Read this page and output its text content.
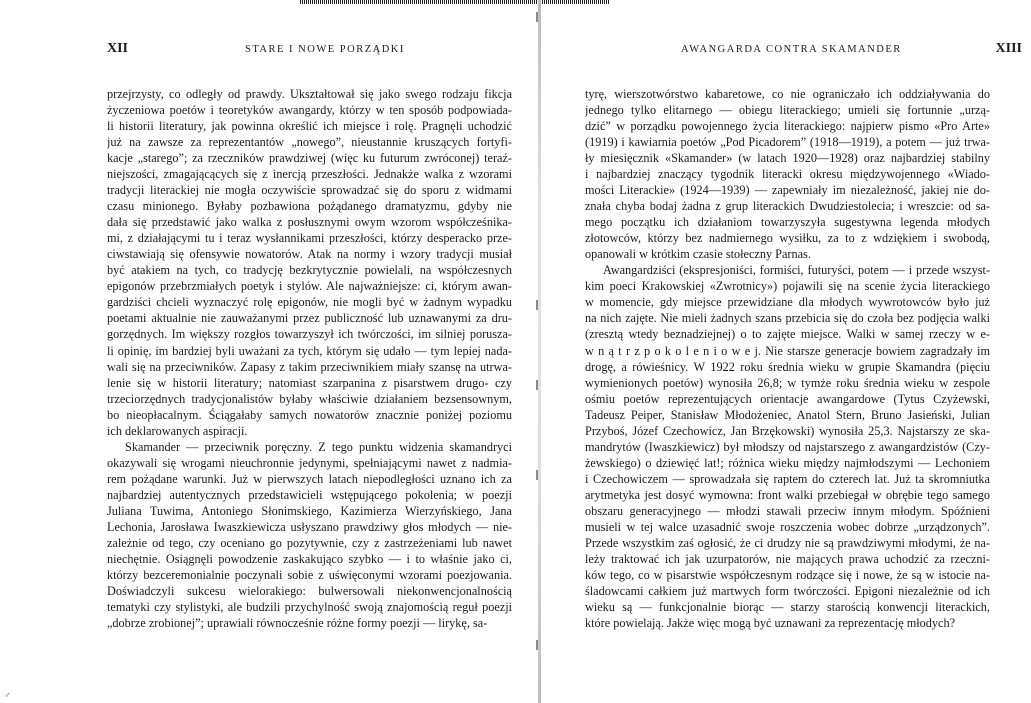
XII	STARE I NOWE PORZĄDKI
przejrzysty, co odległy od prawdy. Ukształtował się jako swego rodzaju fikcja
życzeniowa poetów i teoretyków awangardy, którzy w ten sposób podpowiada-
li historii literatury, jak powinna określić ich miejsce i rolę. Pragnęli uchodzić
już na zawsze za reprezentantów „nowego”, nieustannie kruszących fortyfi-
kacje „starego”; za rzeczników prawdziwej (więc ku futurum zwróconej) teraź-
niejszości, zmagającących się z inercją przeszłości. Jednakże walka z wzorami
tradycji literackiej nie mogła oczywiście sprowadzać się do sporu z widmami
czasu minionego. Byłaby pozbawiona pożądanego dramatyzmu, gdyby nie
dała się przedstawić jako walka z posłusznymi owym wzorom współcześnika-
mi, z działającymi tu i teraz wysłannikami przeszłości, którzy desperacko prze-
ciwstawiają się ofensywie nowatorów. Atak na normy i wzory tradycji musiał
być atakiem na tych, co tradycję bezkrytycznie powielali, na współczesnych
epigonów przebrzmiałych poetyk i stylów. Ale najważniejsze: ci, którym awan-
gardziści chcieli wyznaczyć rolę epigonów, nie mogli być w żadnym wypadku
poetami aktualnie nie zauważanymi przez publiczność lub uznawanymi za dru-
gorzędnych. Im większy rozgłos towarzyszył ich twórczości, im silniej porusza-
li opinię, im bardziej byli uważani za tych, którym się udało — tym lepiej nada-
wali się na przeciwników. Zapasy z takim przeciwnikiem miały szansę na utrwa-
lenie się w historii literatury; natomiast szarpanina z pisarstwem drugo- czy
trzeciorzędnych tradycjonalistów byłaby właściwie działaniem bezsensownym,
bo nieopłacalnym. Ściągałaby samych nowatorów znacznie poniżej poziomu
ich deklarowanych aspiracji.
Skamander — przeciwnik poręczny. Z tego punktu widzenia skamandryci
okazywali się wrogami nieuchronnie jedynymi, spełniającymi nawet z nadmia-
rem pożądane warunki. Już w pierwszych latach niepodległości uznano ich za
najbardziej autentycznych przedstawicieli wstępującego pokolenia; w poezji
Juliana Tuwima, Antoniego Słonimskiego, Kazimierza Wierzyńskiego, Jana
Lechonia, Jarosława Iwaszkiewicza usłyszano prawdziwy głos młodych — nie-
zależnie od tego, czy oceniano go pozytywnie, czy z zastrzeżeniami lub nawet
niechętnie. Osiągnęli powodzenie zaskakująco szybko — i to właśnie jako ci,
którzy bezceremonialnie poczynali sobie z uświęconymi wzorami poezjowania.
Doświadczyli sukcesu wielorakiego: bulwersowali niekonwencjonalnością
tematyki czy stylistyki, ale budzili przychylność swoją znajomością reguł poezji
„dobrze zrobionej”; uprawiali równocześnie różne formy poezji — lirykę, sa-
XIII
AWANGARDA CONTRA SKAMANDER
tyrę, wierszotwórstwo kabaretowe, co nie ograniczało ich oddziaływania do
jednego tylko elitarnego — obiegu literackiego; umieli się fortunnie „urzą-
dzić” w porządku powojennego życia literackiego: najpierw pismo «Pro Arte»
(1919) i kawiarnia poetów „Pod Picadorem” (1918—1919), a potem — już trwa-
ły miesięcznik «Skamander» (w latach 1920—1928) oraz najbardziej stabilny
i najbardziej znaczący tygodnik literacki okresu międzywojennego «Wiado-
mości Literackie» (1924—1939) — zapewniały im niezależność, jakiej nie do-
znała chyba bodaj żadna z grup literackich Dwudziestolecia; i wreszcie: od sa-
mego początku ich działaniom towarzyszyła sugestywna legenda młodych
złotowców, którzy bez nadmiernego wysiłku, za to z wdziękiem i swobodą,
opanowali w krótkim czasie stołeczny Parnas.
Awangardziści (ekspresjoniści, formiści, futuryści, potem — i przede wszyst-
kim poeci Krakowskiej «Zwrotnicy») pojawili się na scenie życia literackiego
w momencie, gdy miejsce przewidziane dla młodych wywrotowców było już
na nich zajęte. Nie mieli żadnych szans przebicia się do czoła bez podjęcia walki
(zresztą wtedy beznadziejnej) o to zajęte miejsce. Walki w samej rzeczy w e-
w n ą t r z p o k o l e n i o w e j. Nie starsze generacje bowiem zagradzały im
drogę, a rówieśnicy. W 1922 roku średnia wieku w grupie Skamandra (pięciu
wymienionych poetów) wynosiła 26,8; w tymże roku średnia wieku w zespole
ośmiu poetów reprezentujących orientacje awangardowe (Tytus Czyżewski,
Tadeusz Peiper, Stanisław Młodożeniec, Anatol Stern, Bruno Jasieński, Julian
Przyboś, Józef Czechowicz, Jan Brzękowski) wynosiła 25,3. Najstarszy ze ska-
mandrytów (Iwaszkiewicz) był młodszy od najstarszego z awangardzistów (Czy-
żewskiego) o dziewięć lat!; różnica wieku między najmłodszymi — Lechoniem
i Czechowiczem — sprowadzała się raptem do czterech lat. Już ta skromniutka
arytmetyka jest dosyć wymowna: front walki przebiegał w obrębie tego samego
obszaru generacyjnego — młodzi stawali przeciw innym młodym. Spóźnieni
musieli w tej walce uzasadnić swoje roszczenia wobec dobrze „urządzonych”.
Przede wszystkim zaś ogłosić, że ci drudzy nie są prawdziwymi młodymi, że na-
leży traktować ich jak uzurpatorów, nie mających prawa uchodzić za rzeczni-
ków tego, co w pisarstwie współczesnym rodzące się i nowe, że są w istocie na-
śladowcami całkiem już martwych form twórczości. Epigoni niezależnie od ich
wieku są — funkcjonalnie biorąc — starzy starością konwencji literackich,
które powielają. Jakże więc mogą być uznawani za reprezentację młodych?
♂
